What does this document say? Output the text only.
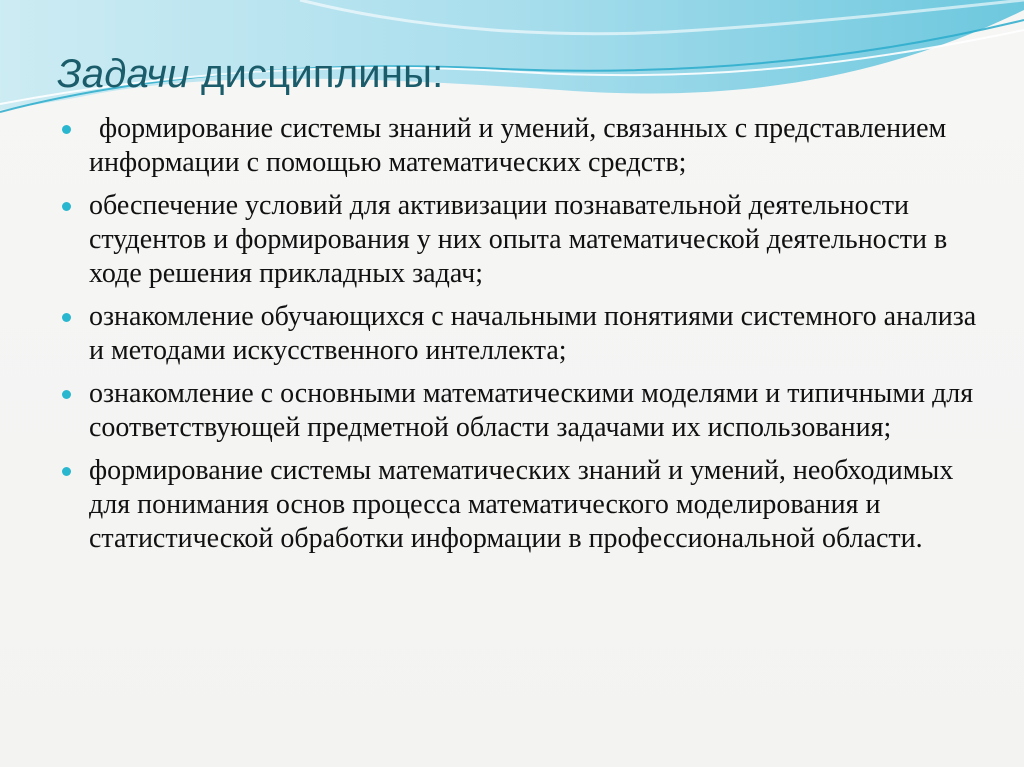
Задачи дисциплины:
формирование системы знаний и умений, связанных с представлением информации с помощью математических средств;
обеспечение условий для активизации познавательной деятельности студентов и формирования у них опыта математической деятельности в ходе решения прикладных задач;
ознакомление обучающихся с начальными понятиями системного анализа и методами искусственного интеллекта;
ознакомление с основными математическими моделями и типичными для соответствующей предметной области задачами их использования;
формирование системы математических знаний и умений, необходимых для понимания основ процесса математического моделирования и статистической обработки информации в профессиональной области.
